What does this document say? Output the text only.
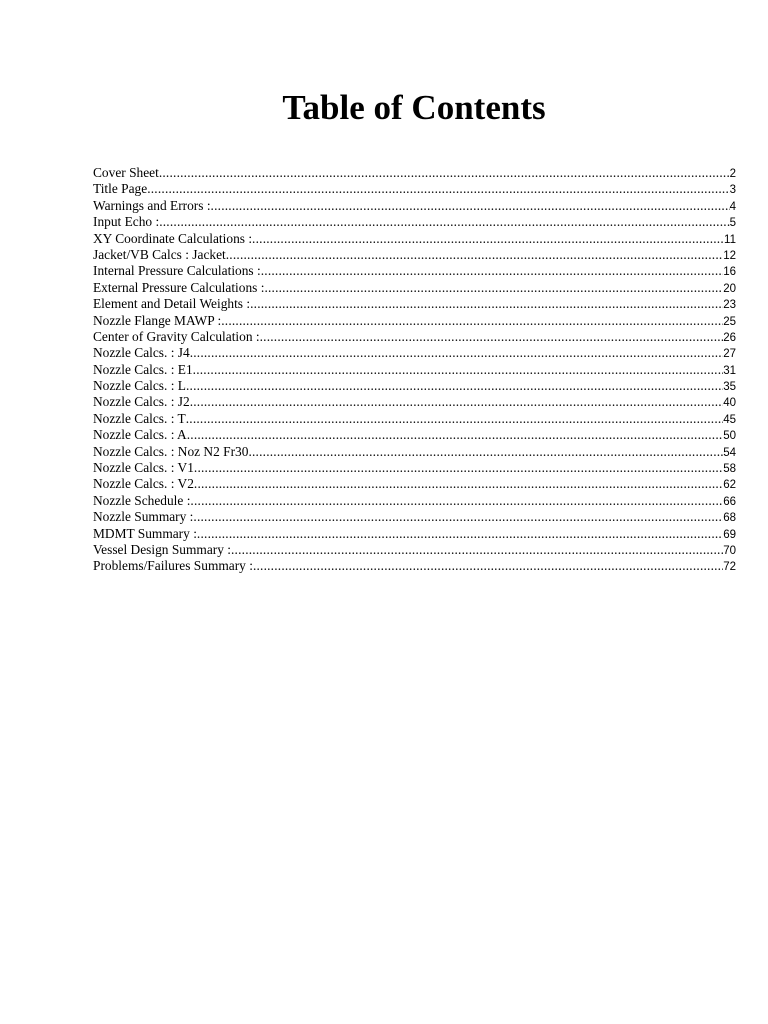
Table of Contents
Cover Sheet .....	2
Title Page .....	3
Warnings and Errors : .....	4
Input Echo : .....	5
XY Coordinate Calculations : .....	11
Jacket/VB Calcs : Jacket .....	12
Internal Pressure Calculations : .....	16
External Pressure Calculations : .....	20
Element and Detail Weights : .....	23
Nozzle Flange MAWP : .....	25
Center of Gravity Calculation : .....	26
Nozzle Calcs. : J4 .....	27
Nozzle Calcs. : E1 .....	31
Nozzle Calcs. : L .....	35
Nozzle Calcs. : J2 .....	40
Nozzle Calcs. : T .....	45
Nozzle Calcs. : A .....	50
Nozzle Calcs. : Noz N2 Fr30 .....	54
Nozzle Calcs. : V1 .....	58
Nozzle Calcs. : V2 .....	62
Nozzle Schedule : .....	66
Nozzle Summary : .....	68
MDMT Summary : .....	69
Vessel Design Summary : .....	70
Problems/Failures Summary : .....	72
